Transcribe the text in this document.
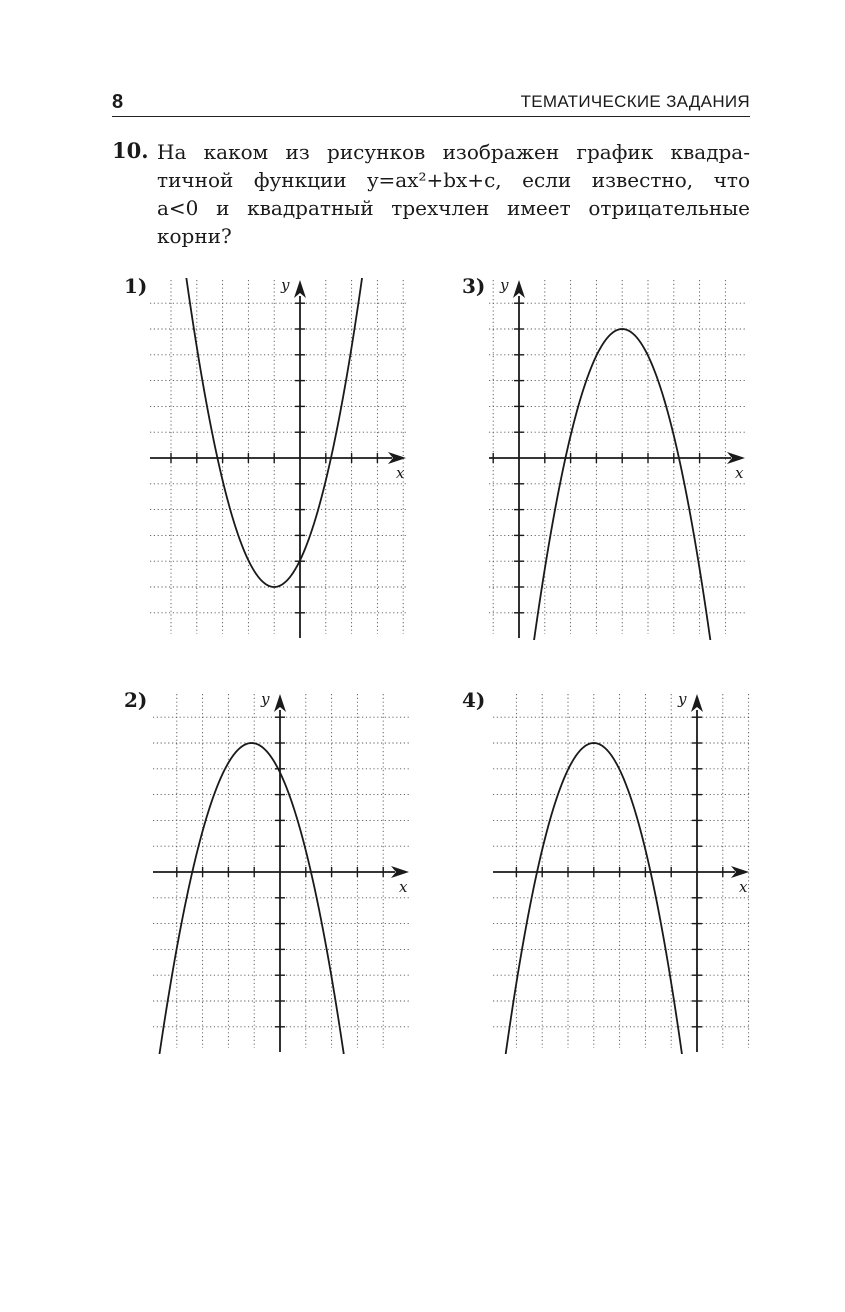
8	ТЕМАТИЧЕСКИЕ ЗАДАНИЯ
10. На каком из рисунков изображен график квадра-
тичной функции y=ax²+bx+c, если известно, что
a<0 и квадратный трехчлен имеет отрицательные
корни?
1)
x
y	3)
x
y
2)
x
y	4)
x
y
